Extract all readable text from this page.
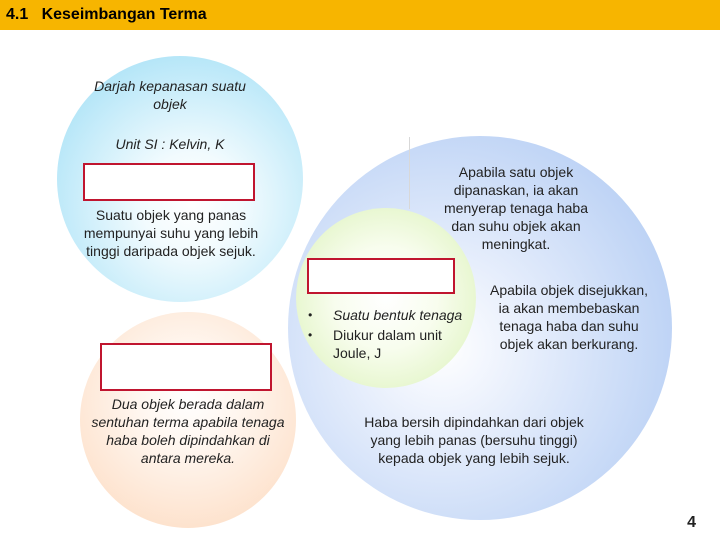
4.1   Keseimbangan Terma
Darjah kepanasan suatu objek
Unit SI : Kelvin, K
Suatu objek yang panas mempunyai suhu yang lebih tinggi daripada objek sejuk.
Apabila satu objek dipanaskan, ia akan menyerap tenaga haba dan suhu objek akan meningkat.
• Suatu bentuk tenaga
• Diukur dalam unit Joule, J
Apabila objek disejukkan, ia akan membebaskan tenaga haba dan suhu objek akan berkurang.
Haba bersih dipindahkan dari objek yang lebih panas (bersuhu tinggi) kepada objek yang lebih sejuk.
Dua objek berada dalam sentuhan terma apabila tenaga haba boleh dipindahkan di antara mereka.
4
